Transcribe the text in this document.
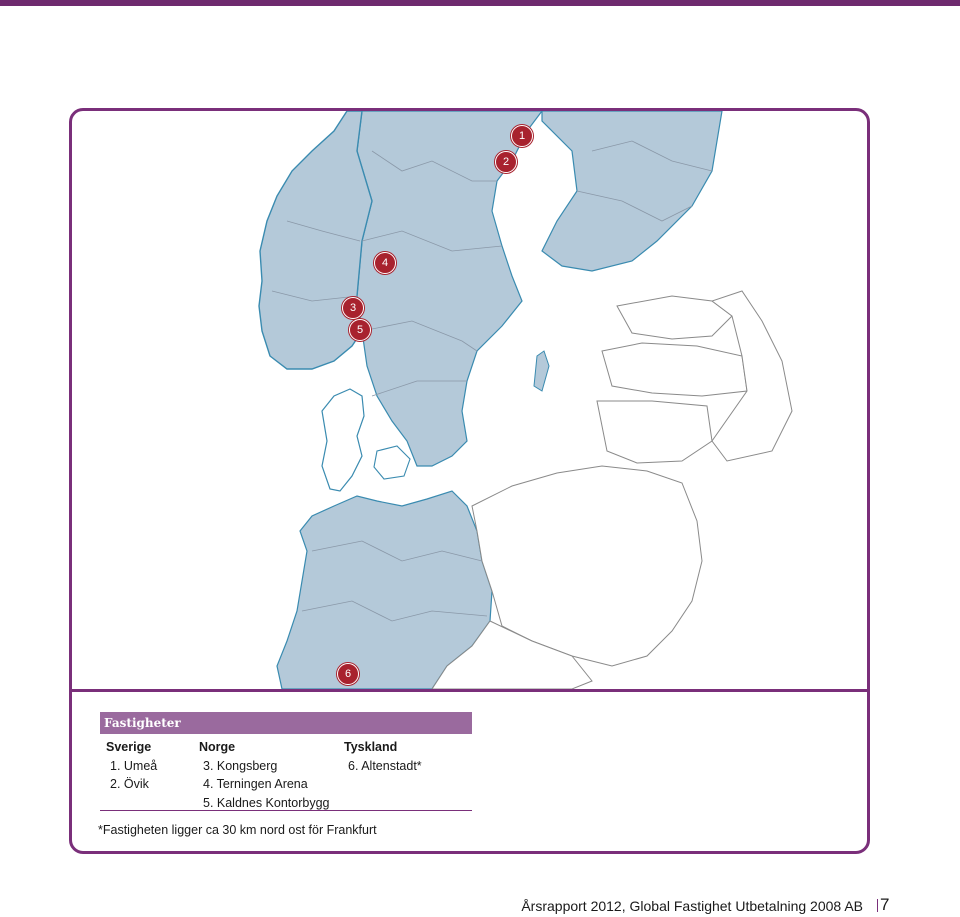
1
2
3
4
5
6
Fastigheter
Sverige
1. Umeå
2. Övik
Norge
3. Kongsberg
4. Terningen Arena
5. Kaldnes Kontorbygg
Tyskland
6. Altenstadt*
*Fastigheten ligger ca 30 km nord ost för Frankfurt
Årsrapport 2012, Global Fastighet Utbetalning 2008 AB	7
